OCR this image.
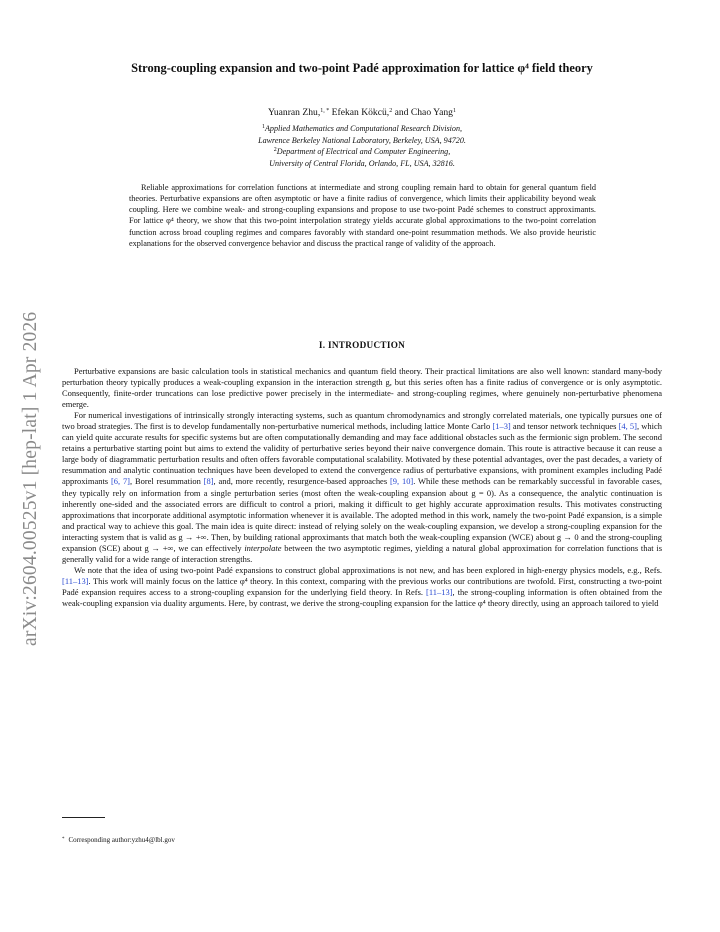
arXiv:2604.00525v1 [hep-lat] 1 Apr 2026
Strong-coupling expansion and two-point Padé approximation for lattice φ⁴ field theory
Yuanran Zhu,$^{1, *}$ Efekan Kökcü,$^2$ and Chao Yang$^1$
$^1$Applied Mathematics and Computational Research Division,
Lawrence Berkeley National Laboratory, Berkeley, USA, 94720.
$^2$Department of Electrical and Computer Engineering,
University of Central Florida, Orlando, FL, USA, 32816.

Reliable approximations for correlation functions at intermediate and strong coupling remain hard to obtain for general quantum field theories. Perturbative expansions are often asymptotic or have a finite radius of convergence, which limits their applicability beyond weak coupling. Here we combine weak- and strong-coupling expansions and propose to use two-point Padé schemes to construct approximants. For lattice φ⁴ theory, we show that this two-point interpolation strategy yields accurate global approximations to the two-point correlation function across broad coupling regimes and compares favorably with standard one-point resummation methods. We also provide heuristic explanations for the observed convergence behavior and discuss the practical range of validity of the approach.

I. INTRODUCTION

Perturbative expansions are basic calculation tools in statistical mechanics and quantum field theory. Their practical limitations are also well known: standard many-body perturbation theory typically produces a weak-coupling expansion in the interaction strength g, but this series often has a finite radius of convergence or is only asymptotic. Consequently, finite-order truncations can lose predictive power precisely in the intermediate- and strong-coupling regimes, where genuinely non-perturbative phenomena emerge.

For numerical investigations of intrinsically strongly interacting systems, such as quantum chromodynamics and strongly correlated materials, one typically pursues one of two broad strategies. The first is to develop fundamentally non-perturbative numerical methods, including lattice Monte Carlo [1–3] and tensor network techniques [4, 5], which can yield quite accurate results for specific systems but are often computationally demanding and may face additional obstacles such as the fermionic sign problem. The second retains a perturbative starting point but aims to extend the validity of perturbative series beyond their naive convergence domain. This route is attractive because it can reuse a large body of diagrammatic perturbation results and often offers favorable computational scalability. Motivated by these potential advantages, over the past decades, a variety of resummation and analytic continuation techniques have been developed to extend the convergence radius of perturbative expansions, with prominent examples including Padé approximants [6, 7], Borel resummation [8], and, more recently, resurgence-based approaches [9, 10]. While these methods can be remarkably successful in favorable cases, they typically rely on information from a single perturbation series (most often the weak-coupling expansion about g = 0). As a consequence, the analytic continuation is inherently one-sided and the associated errors are difficult to control a priori, making it difficult to get highly accurate approximation results. This motivates constructing approximations that incorporate additional asymptotic information whenever it is available. The adopted method in this work, namely the two-point Padé expansion, is a simple and practical way to achieve this goal. The main idea is quite direct: instead of relying solely on the weak-coupling expansion, we develop a strong-coupling expansion for the interacting system that is valid as g → +∞. Then, by building rational approximants that match both the weak-coupling expansion (WCE) about g → 0 and the strong-coupling expansion (SCE) about g → +∞, we can effectively interpolate between the two asymptotic regimes, yielding a natural global approximation for correlation functions that is generally valid for a wide range of interaction strengths.

We note that the idea of using two-point Padé expansions to construct global approximations is not new, and has been explored in high-energy physics models, e.g., Refs. [11–13]. This work will mainly focus on the lattice φ⁴ theory. In this context, comparing with the previous works our contributions are twofold. First, constructing a two-point Padé expansion requires access to a strong-coupling expansion for the underlying field theory. In Refs. [11–13], the strong-coupling information is often obtained from the weak-coupling expansion via duality arguments. Here, by contrast, we derive the strong-coupling expansion for the lattice φ⁴ theory directly, using an approach tailored to yield

* Corresponding author:yzhu4@lbl.gov
